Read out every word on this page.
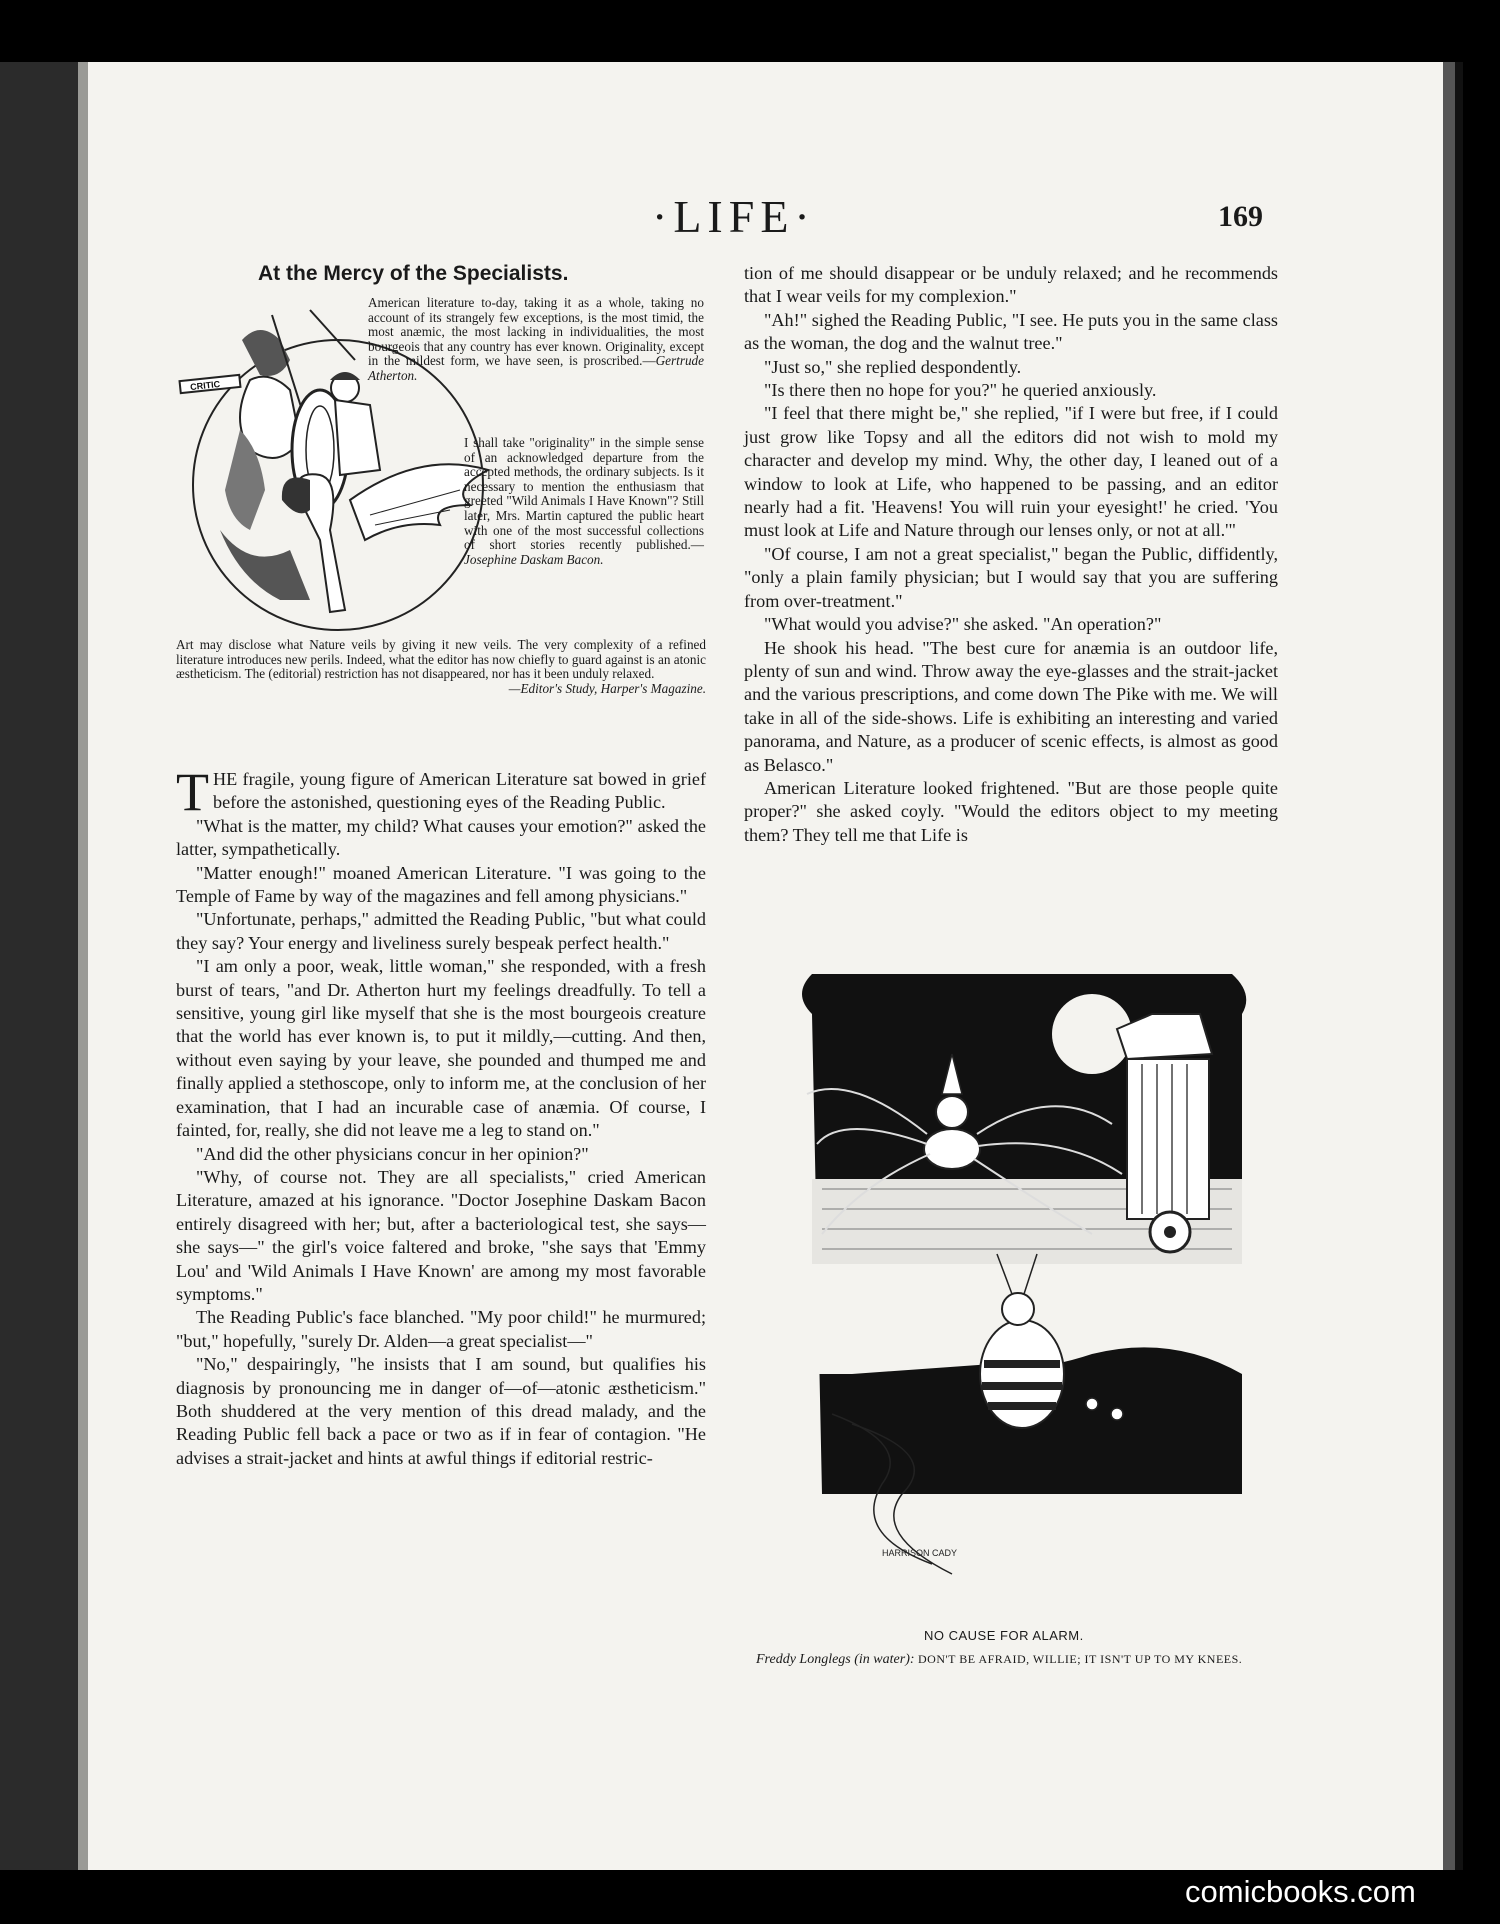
·LIFE·	169
At the Mercy of the Specialists.
CRITIC
American literature to-day, taking it as a whole, taking no account of its strangely few exceptions, is the most timid, the most anæmic, the most lacking in individualities, the most bourgeois that any country has ever known. Originality, except in the mildest form, we have seen, is proscribed.—Gertrude Atherton.
I shall take "originality" in the simple sense of an acknowledged departure from the accepted methods, the ordinary subjects. Is it necessary to mention the enthusiasm that greeted "Wild Animals I Have Known"? Still later, Mrs. Martin captured the public heart with one of the most successful collections of short stories recently published.—Josephine Daskam Bacon.
Art may disclose what Nature veils by giving it new veils. The very complexity of a refined literature introduces new perils. Indeed, what the editor has now chiefly to guard against is an atonic æstheticism. The (editorial) restriction has not disappeared, nor has it been unduly relaxed.
—Editor's Study, Harper's Magazine.

THE fragile, young figure of American Literature sat bowed in grief before the astonished, questioning eyes of the Reading Public.

"What is the matter, my child? What causes your emotion?" asked the latter, sympathetically.

"Matter enough!" moaned American Literature. "I was going to the Temple of Fame by way of the magazines and fell among physicians."

"Unfortunate, perhaps," admitted the Reading Public, "but what could they say? Your energy and liveliness surely bespeak perfect health."

"I am only a poor, weak, little woman," she responded, with a fresh burst of tears, "and Dr. Atherton hurt my feelings dreadfully. To tell a sensitive, young girl like myself that she is the most bourgeois creature that the world has ever known is, to put it mildly,—cutting. And then, without even saying by your leave, she pounded and thumped me and finally applied a stethoscope, only to inform me, at the conclusion of her examination, that I had an incurable case of anæmia. Of course, I fainted, for, really, she did not leave me a leg to stand on."

"And did the other physicians concur in her opinion?"

"Why, of course not. They are all specialists," cried American Literature, amazed at his ignorance. "Doctor Josephine Daskam Bacon entirely disagreed with her; but, after a bacteriological test, she says—she says—" the girl's voice faltered and broke, "she says that 'Emmy Lou' and 'Wild Animals I Have Known' are among my most favorable symptoms."

The Reading Public's face blanched. "My poor child!" he murmured; "but," hopefully, "surely Dr. Alden—a great specialist—"

"No," despairingly, "he insists that I am sound, but qualifies his diagnosis by pronouncing me in danger of—of—atonic æstheticism." Both shuddered at the very mention of this dread malady, and the Reading Public fell back a pace or two as if in fear of contagion. "He advises a strait-jacket and hints at awful things if editorial restric-

tion of me should disappear or be unduly relaxed; and he recommends that I wear veils for my complexion."

"Ah!" sighed the Reading Public, "I see. He puts you in the same class as the woman, the dog and the walnut tree."

"Just so," she replied despondently.

"Is there then no hope for you?" he queried anxiously.

"I feel that there might be," she replied, "if I were but free, if I could just grow like Topsy and all the editors did not wish to mold my character and develop my mind. Why, the other day, I leaned out of a window to look at Life, who happened to be passing, and an editor nearly had a fit. 'Heavens! You will ruin your eyesight!' he cried. 'You must look at Life and Nature through our lenses only, or not at all.'"

"Of course, I am not a great specialist," began the Public, diffidently, "only a plain family physician; but I would say that you are suffering from over-treatment."

"What would you advise?" she asked. "An operation?"

He shook his head. "The best cure for anæmia is an outdoor life, plenty of sun and wind. Throw away the eye-glasses and the strait-jacket and the various prescriptions, and come down The Pike with me. We will take in all of the side-shows. Life is exhibiting an interesting and varied panorama, and Nature, as a producer of scenic effects, is almost as good as Belasco."

American Literature looked frightened. "But are those people quite proper?" she asked coyly. "Would the editors object to my meeting them? They tell me that Life is

HARRISON CADY
NO CAUSE FOR ALARM.
Freddy Longlegs (in water): DON'T BE AFRAID, WILLIE; IT ISN'T UP TO MY KNEES.
comicbooks.com
